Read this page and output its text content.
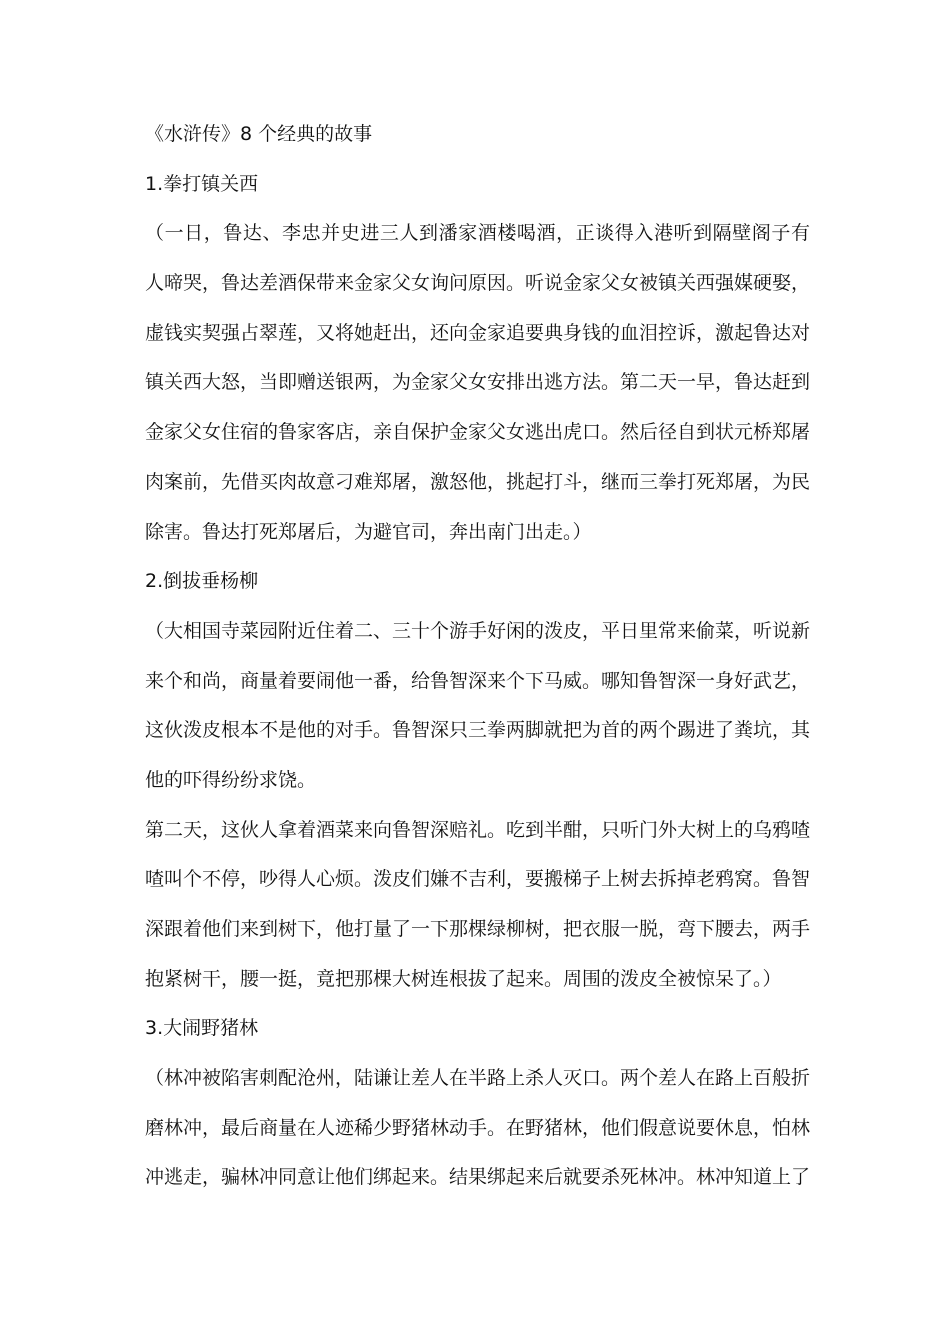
《水浒传》8 个经典的故事
1.拳打镇关西
（一日，鲁达、李忠并史进三人到潘家酒楼喝酒，正谈得入港听到隔壁阁子有
人啼哭，鲁达差酒保带来金家父女询问原因。听说金家父女被镇关西强媒硬娶，
虚钱实契强占翠莲，又将她赶出，还向金家追要典身钱的血泪控诉，激起鲁达对
镇关西大怒，当即赠送银两，为金家父女安排出逃方法。第二天一早，鲁达赶到
金家父女住宿的鲁家客店，亲自保护金家父女逃出虎口。然后径自到状元桥郑屠
肉案前，先借买肉故意刁难郑屠，激怒他，挑起打斗，继而三拳打死郑屠，为民
除害。鲁达打死郑屠后，为避官司，奔出南门出走。）
2.倒拔垂杨柳
（大相国寺菜园附近住着二、三十个游手好闲的泼皮，平日里常来偷菜，听说新
来个和尚，商量着要闹他一番，给鲁智深来个下马威。哪知鲁智深一身好武艺，
这伙泼皮根本不是他的对手。鲁智深只三拳两脚就把为首的两个踢进了粪坑，其
他的吓得纷纷求饶。
第二天，这伙人拿着酒菜来向鲁智深赔礼。吃到半酣，只听门外大树上的乌鸦喳
喳叫个不停，吵得人心烦。泼皮们嫌不吉利，要搬梯子上树去拆掉老鸦窝。鲁智
深跟着他们来到树下，他打量了一下那棵绿柳树，把衣服一脱，弯下腰去，两手
抱紧树干，腰一挺，竟把那棵大树连根拔了起来。周围的泼皮全被惊呆了。）
3.大闹野猪林
（林冲被陷害刺配沧州，陆谦让差人在半路上杀人灭口。两个差人在路上百般折
磨林冲，最后商量在人迹稀少野猪林动手。在野猪林，他们假意说要休息，怕林
冲逃走，骗林冲同意让他们绑起来。结果绑起来后就要杀死林冲。林冲知道上了
